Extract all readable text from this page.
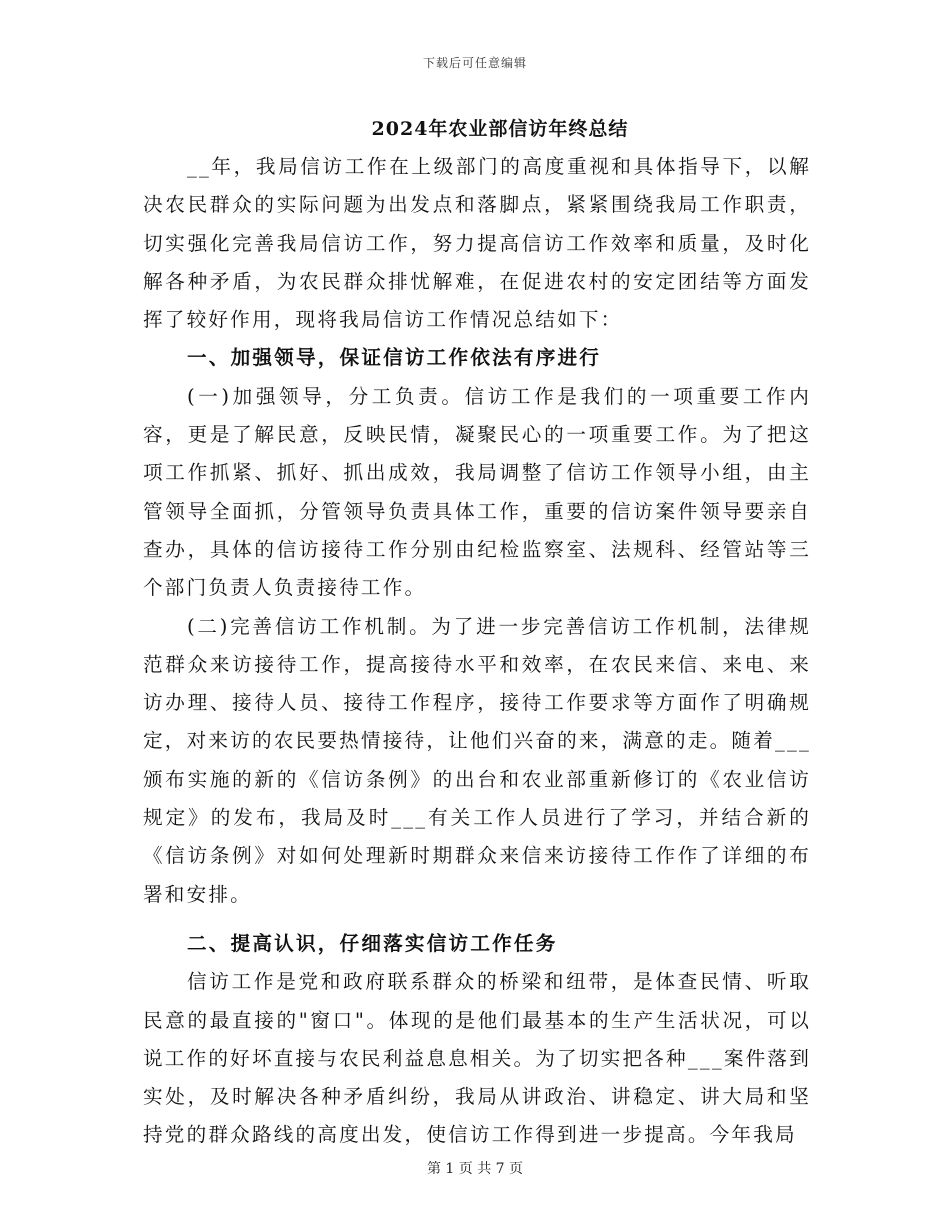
下载后可任意编辑
2024年农业部信访年终总结

__年，我局信访工作在上级部门的高度重视和具体指导下，以解决农民群众的实际问题为出发点和落脚点，紧紧围绕我局工作职责，切实强化完善我局信访工作，努力提高信访工作效率和质量，及时化解各种矛盾，为农民群众排忧解难，在促进农村的安定团结等方面发挥了较好作用，现将我局信访工作情况总结如下：

一、加强领导，保证信访工作依法有序进行

(一)加强领导，分工负责。信访工作是我们的一项重要工作内容，更是了解民意，反映民情，凝聚民心的一项重要工作。为了把这项工作抓紧、抓好、抓出成效，我局调整了信访工作领导小组，由主管领导全面抓，分管领导负责具体工作，重要的信访案件领导要亲自查办，具体的信访接待工作分别由纪检监察室、法规科、经管站等三个部门负责人负责接待工作。

(二)完善信访工作机制。为了进一步完善信访工作机制，法律规范群众来访接待工作，提高接待水平和效率，在农民来信、来电、来访办理、接待人员、接待工作程序，接待工作要求等方面作了明确规定，对来访的农民要热情接待，让他们兴奋的来，满意的走。随着___颁布实施的新的《信访条例》的出台和农业部重新修订的《农业信访规定》的发布，我局及时___有关工作人员进行了学习，并结合新的《信访条例》对如何处理新时期群众来信来访接待工作作了详细的布署和安排。

二、提高认识，仔细落实信访工作任务

信访工作是党和政府联系群众的桥梁和纽带，是体查民情、听取民意的最直接的"窗口"。体现的是他们最基本的生产生活状况，可以说工作的好坏直接与农民利益息息相关。为了切实把各种___案件落到实处，及时解决各种矛盾纠纷，我局从讲政治、讲稳定、讲大局和坚持党的群众路线的高度出发，使信访工作得到进一步提高。今年我局

第 1 页 共 7 页
